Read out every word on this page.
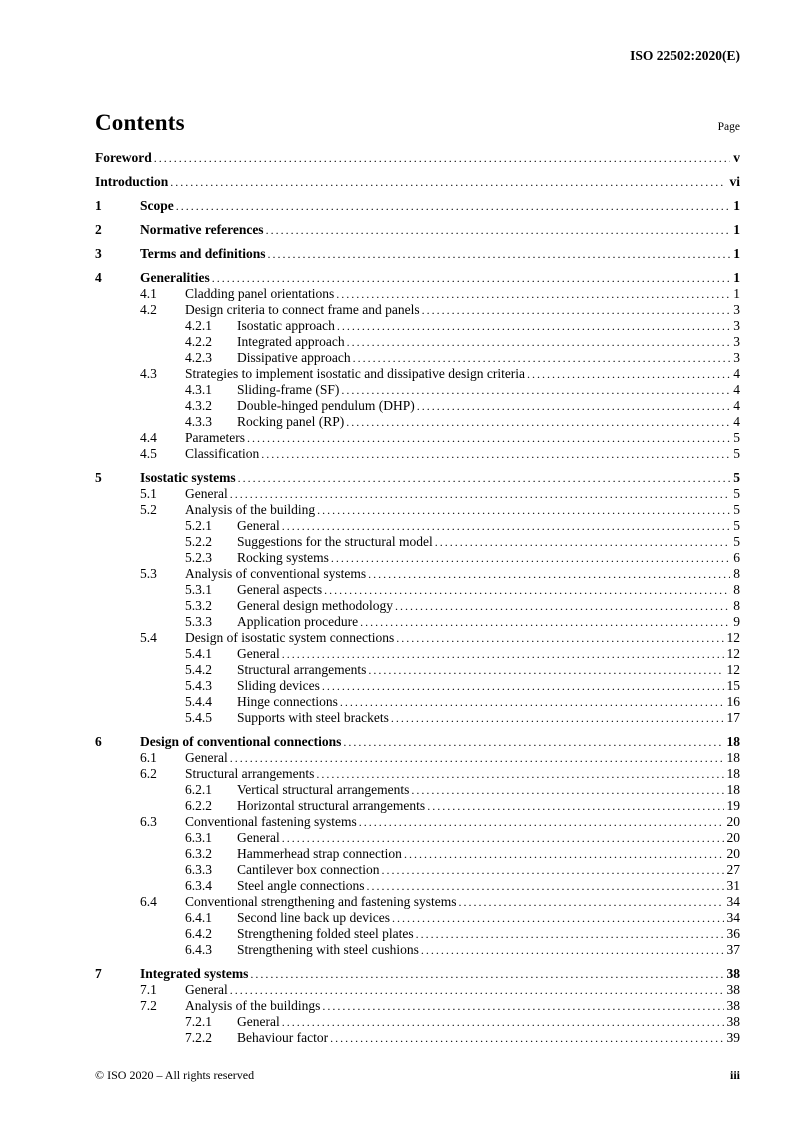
ISO 22502:2020(E)
Contents	Page
Foreword .....	v
Introduction .....	vi
1	Scope .....	1
2	Normative references .....	1
3	Terms and definitions .....	1
4	Generalities .....	1
4.1	Cladding panel orientations .....	1
4.2	Design criteria to connect frame and panels .....	3
4.2.1	Isostatic approach .....	3
4.2.2	Integrated approach .....	3
4.2.3	Dissipative approach .....	3
4.3	Strategies to implement isostatic and dissipative design criteria .....	4
4.3.1	Sliding-frame (SF) .....	4
4.3.2	Double-hinged pendulum (DHP) .....	4
4.3.3	Rocking panel (RP) .....	4
4.4	Parameters .....	5
4.5	Classification .....	5
5	Isostatic systems .....	5
5.1	General .....	5
5.2	Analysis of the building .....	5
5.2.1	General .....	5
5.2.2	Suggestions for the structural model .....	5
5.2.3	Rocking systems .....	6
5.3	Analysis of conventional systems .....	8
5.3.1	General aspects .....	8
5.3.2	General design methodology .....	8
5.3.3	Application procedure .....	9
5.4	Design of isostatic system connections .....	12
5.4.1	General .....	12
5.4.2	Structural arrangements .....	12
5.4.3	Sliding devices .....	15
5.4.4	Hinge connections .....	16
5.4.5	Supports with steel brackets .....	17
6	Design of conventional connections .....	18
6.1	General .....	18
6.2	Structural arrangements .....	18
6.2.1	Vertical structural arrangements .....	18
6.2.2	Horizontal structural arrangements .....	19
6.3	Conventional fastening systems .....	20
6.3.1	General .....	20
6.3.2	Hammerhead strap connection .....	20
6.3.3	Cantilever box connection .....	27
6.3.4	Steel angle connections .....	31
6.4	Conventional strengthening and fastening systems .....	34
6.4.1	Second line back up devices .....	34
6.4.2	Strengthening folded steel plates .....	36
6.4.3	Strengthening with steel cushions .....	37
7	Integrated systems .....	38
7.1	General .....	38
7.2	Analysis of the buildings .....	38
7.2.1	General .....	38
7.2.2	Behaviour factor .....	39
© ISO 2020 – All rights reserved	iii
